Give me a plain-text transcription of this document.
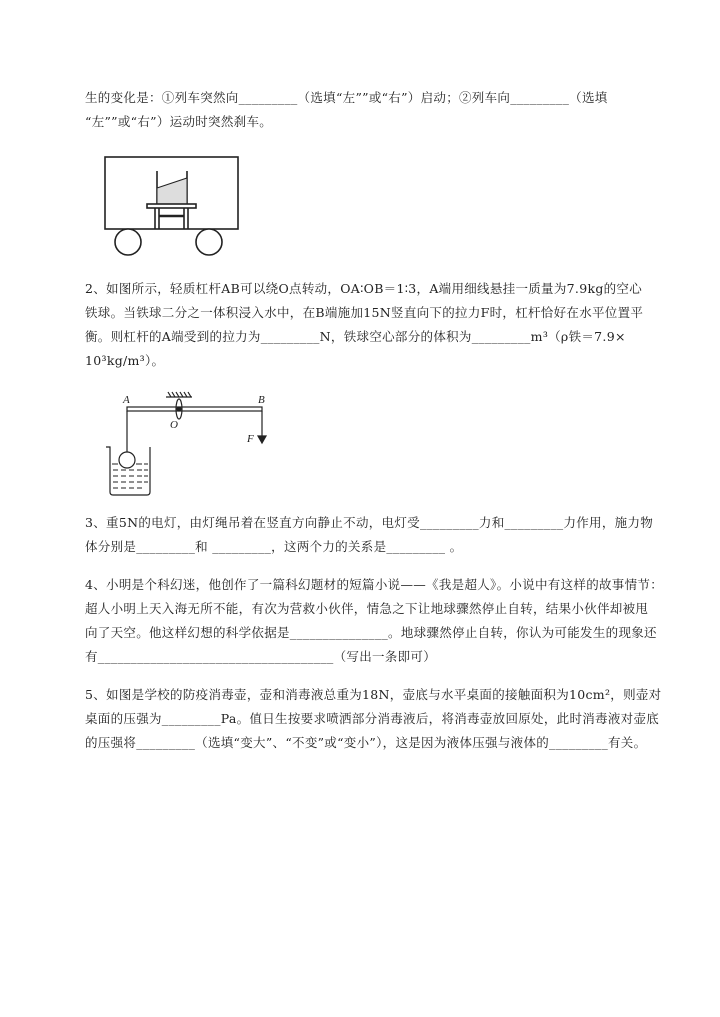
生的变化是：①列车突然向_________（选填“左””或“右”）启动；②列车向_________（选填
“左””或“右”）运动时突然刹车。
2、如图所示，轻质杠杆AB可以绕O点转动，OA∶OB＝1∶3，A端用细线悬挂一质量为7.9kg的空心
铁球。当铁球二分之一体积浸入水中，在B端施加15N竖直向下的拉力F时，杠杆恰好在水平位置平
衡。则杠杆的A端受到的拉力为_________N，铁球空心部分的体积为_________m³（ρ铁＝7.9×
10³kg/m³）。
A	B
O
F
3、重5N的电灯，由灯绳吊着在竖直方向静止不动，电灯受_________力和_________力作用，施力物
体分别是_________和 _________，这两个力的关系是_________ 。
4、小明是个科幻迷，他创作了一篇科幻题材的短篇小说——《我是超人》。小说中有这样的故事情节：
超人小明上天入海无所不能，有次为营救小伙伴，情急之下让地球骤然停止自转，结果小伙伴却被甩
向了天空。他这样幻想的科学依据是_______________。地球骤然停止自转，你认为可能发生的现象还
有____________________________________（写出一条即可）
5、如图是学校的防疫消毒壶，壶和消毒液总重为18N，壶底与水平桌面的接触面积为10cm²，则壶对
桌面的压强为_________Pa。值日生按要求喷洒部分消毒液后，将消毒壶放回原处，此时消毒液对壶底
的压强将_________（选填“变大”、“不变”或“变小”），这是因为液体压强与液体的_________有关。
